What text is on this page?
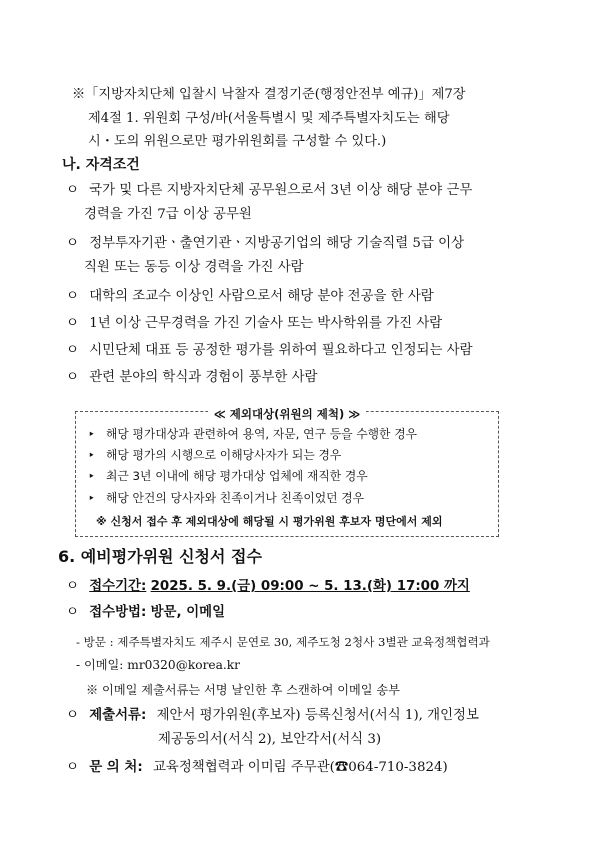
※「지방자치단체 입찰시 낙찰자 결정기준(행정안전부 예규)」제7장
제4절 1. 위원회 구성/바(서울특별시 및 제주특별자치도는 해당
시・도의 위원으로만 평가위원회를 구성할 수 있다.)
나. 자격조건
ㅇ 국가 및 다른 지방자치단체 공무원으로서 3년 이상 해당 분야 근무
경력을 가진 7급 이상 공무원
ㅇ 정부투자기관ㆍ출연기관ㆍ지방공기업의 해당 기술직렬 5급 이상
직원 또는 동등 이상 경력을 가진 사람
ㅇ 대학의 조교수 이상인 사람으로서 해당 분야 전공을 한 사람
ㅇ 1년 이상 근무경력을 가진 기술사 또는 박사학위를 가진 사람
ㅇ 시민단체 대표 등 공정한 평가를 위하여 필요하다고 인정되는 사람
ㅇ 관련 분야의 학식과 경험이 풍부한 사람
≪ 제외대상(위원의 제척) ≫
‣ 해당 평가대상과 관련하여 용역, 자문, 연구 등을 수행한 경우
‣ 해당 평가의 시행으로 이해당사자가 되는 경우
‣ 최근 3년 이내에 해당 평가대상 업체에 재직한 경우
‣ 해당 안건의 당사자와 친족이거나 친족이었던 경우
※ 신청서 접수 후 제외대상에 해당될 시 평가위원 후보자 명단에서 제외
6. 예비평가위원 신청서 접수
ㅇ 접수기간: 2025. 5. 9.(금) 09:00 ~ 5. 13.(화) 17:00 까지
ㅇ 접수방법: 방문, 이메일
- 방문 : 제주특별자치도 제주시 문연로 30, 제주도청 2청사 3별관 교육정책협력과
- 이메일: mr0320@korea.kr
※ 이메일 제출서류는 서명 날인한 후 스캔하여 이메일 송부
ㅇ 제출서류: 제안서 평가위원(후보자) 등록신청서(서식 1), 개인정보
제공동의서(서식 2), 보안각서(서식 3)
ㅇ 문 의 처: 교육정책협력과 이미림 주무관(☎064-710-3824)
